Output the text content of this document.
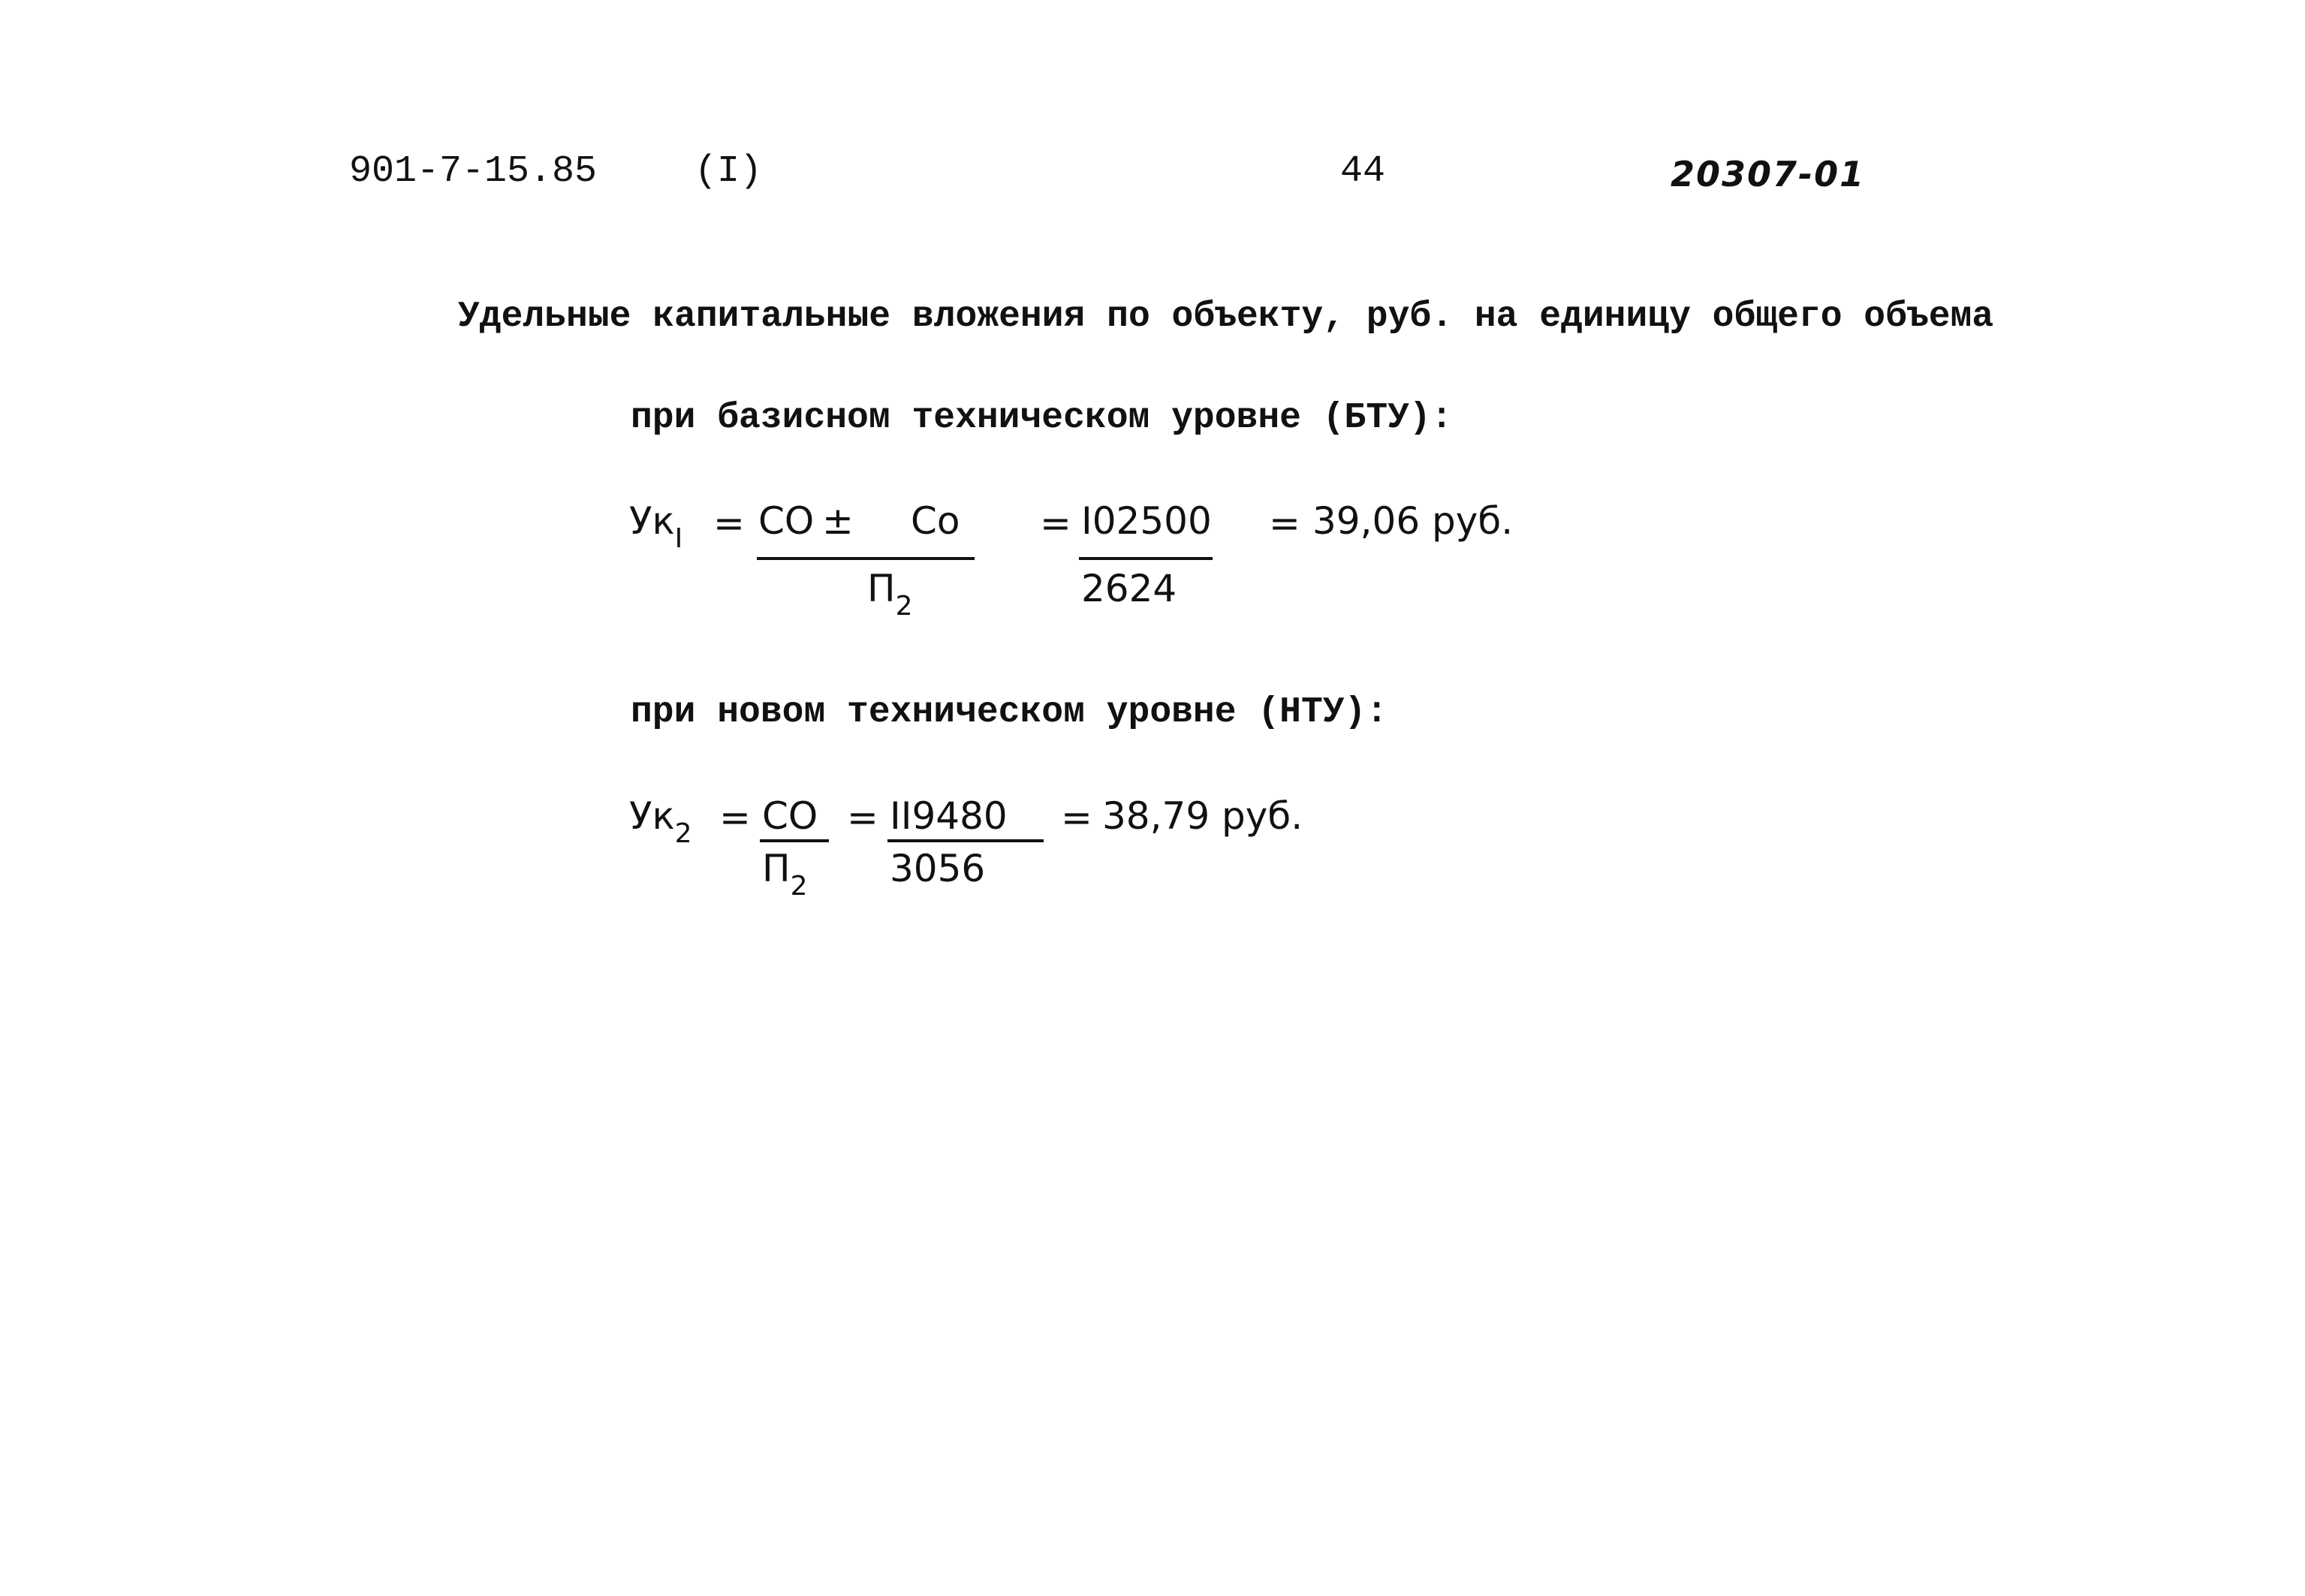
901-7-15.85	(I)	44	20307-01
Удельные капитальные вложения по объекту, руб. на единицу общего объема
при базисном техническом уровне (БТУ):
$Ук_I$ = СО ± Со
$П_2$
= I02500
2624
= 39,06 руб.
при новом техническом уровне (НТУ):
$Ук_2$ = СО
$П_2$
= II9480
3056
= 38,79 руб.
